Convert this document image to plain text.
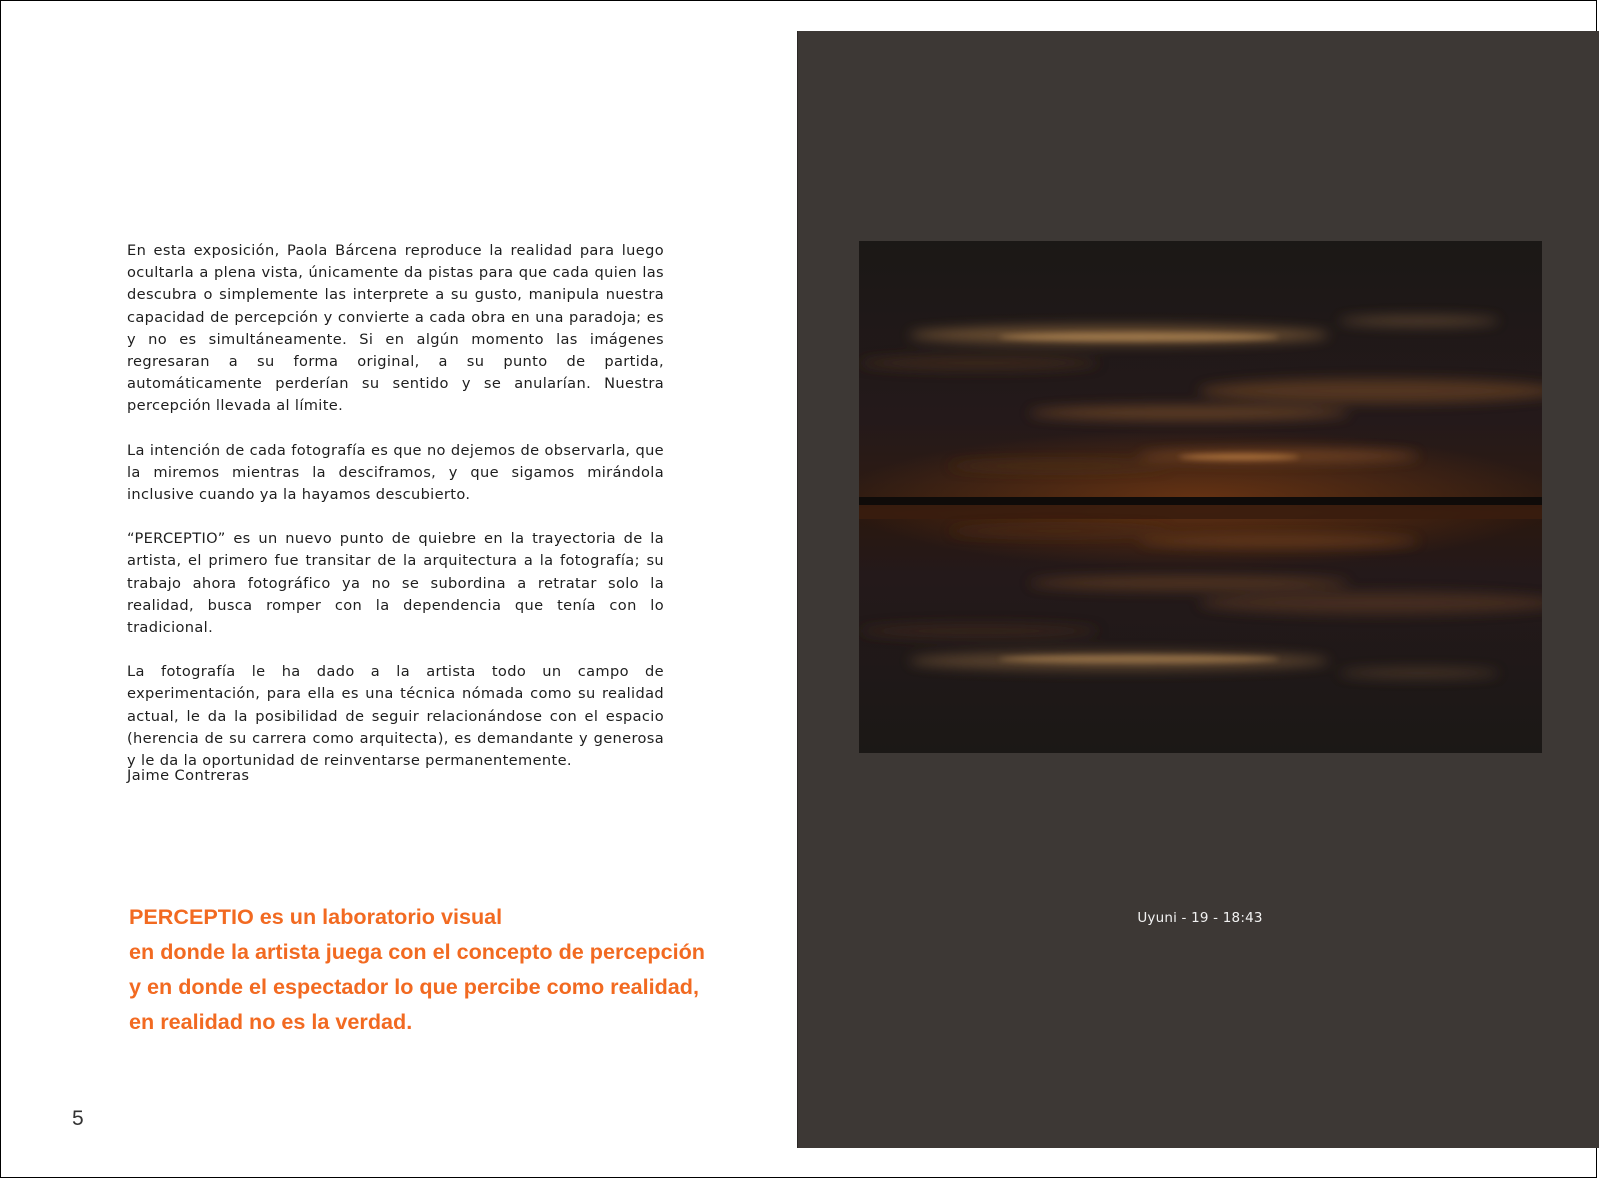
En esta exposición, Paola Bárcena reproduce la realidad para luego ocultarla a plena vista, únicamente da pistas para que cada quien las descubra o simplemente las interprete a su gusto, manipula nuestra capacidad de percepción y convierte a cada obra en una paradoja; es y no es simultáneamente. Si en algún momento las imágenes regresaran a su forma original, a su punto de partida, automáticamente perderían su sentido y se anularían. Nuestra percepción llevada al límite.

La intención de cada fotografía es que no dejemos de observarla, que la miremos mientras la desciframos, y que sigamos mirándola inclusive cuando ya la hayamos descubierto.

“PERCEPTIO” es un nuevo punto de quiebre en la trayectoria de la artista, el primero fue transitar de la arquitectura a la fotografía; su trabajo ahora fotográfico ya no se subordina a retratar solo la realidad, busca romper con la dependencia que tenía con lo tradicional.

La fotografía le ha dado a la artista todo un campo de experimentación, para ella es una técnica nómada como su realidad actual, le da la posibilidad de seguir relacionándose con el espacio (herencia de su carrera como arquitecta), es demandante y generosa y le da la oportunidad de reinventarse permanentemente.

Jaime Contreras
PERCEPTIO es un laboratorio visual
en donde la artista juega con el concepto de percepción
y en donde el espectador lo que percibe como realidad,
en realidad no es la verdad.
5
Uyuni - 19 - 18:43
